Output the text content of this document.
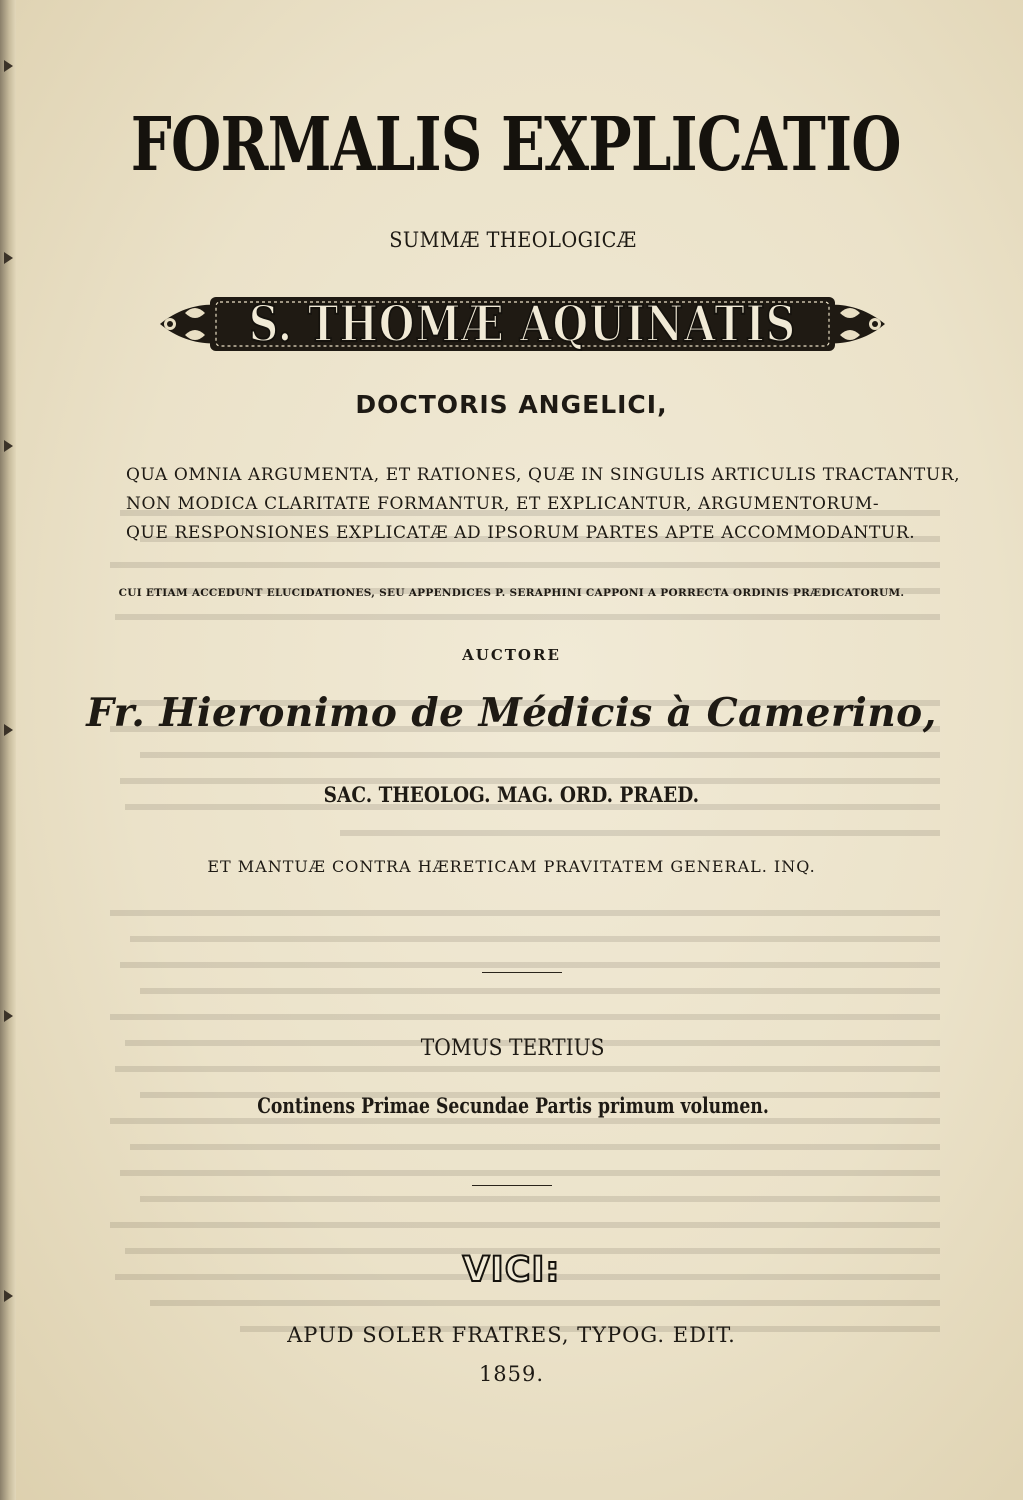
FORMALIS EXPLICATIO
SUMMÆ THEOLOGICÆ
S. THOMÆ AQUINATIS
DOCTORIS ANGELICI,
QUA OMNIA ARGUMENTA, ET RATIONES, QUÆ IN SINGULIS ARTICULIS TRACTANTUR,
NON MODICA CLARITATE FORMANTUR, ET EXPLICANTUR, ARGUMENTORUM-
QUE RESPONSIONES EXPLICATÆ AD IPSORUM PARTES APTE ACCOMMODANTUR.
CUI ETIAM ACCEDUNT ELUCIDATIONES, SEU APPENDICES P. SERAPHINI CAPPONI A PORRECTA ORDINIS PRÆDICATORUM.
AUCTORE
Fr. Hieronimo de Médicis à Camerino,
SAC. THEOLOG. MAG. ORD. PRAED.
ET MANTUÆ CONTRA HÆRETICAM PRAVITATEM GENERAL. INQ.
TOMUS TERTIUS
Continens Primae Secundae Partis primum volumen.
VICI:
APUD SOLER FRATRES, TYPOG. EDIT.
1859.
